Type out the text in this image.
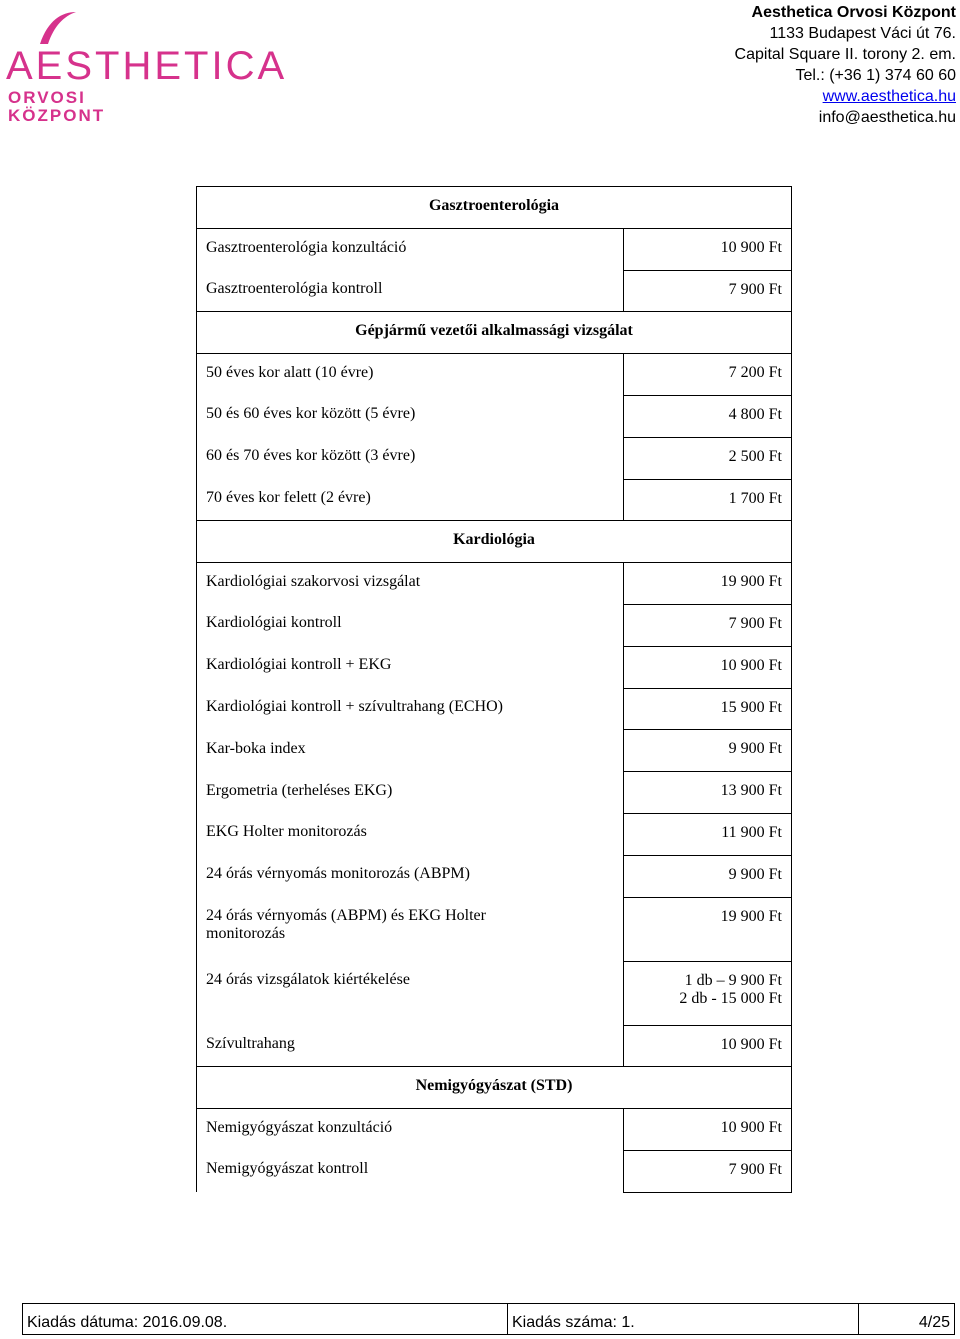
AESTHETICA
ORVOSI
KÖZPONT
Aesthetica Orvosi Központ
1133 Budapest Váci út 76.
Capital Square II. torony 2. em.
Tel.: (+36 1) 374 60 60
www.aesthetica.hu
info@aesthetica.hu
Gasztroenterológia	

Gasztroenterológia konzultáció	10 900 Ft

Gasztroenterológia kontroll	7 900 Ft

Gépjármű vezetői alkalmassági vizsgálat	

50 éves kor alatt (10 évre)	7 200 Ft

50 és 60 éves kor között (5 évre)	4 800 Ft

60 és 70 éves kor között (3 évre)	2 500 Ft

70 éves kor felett (2 évre)	1 700 Ft

Kardiológia	

Kardiológiai szakorvosi vizsgálat	19 900 Ft

Kardiológiai kontroll	7 900 Ft

Kardiológiai kontroll + EKG	10 900 Ft

Kardiológiai kontroll + szívultrahang (ECHO)	15 900 Ft

Kar-boka index	9 900 Ft

Ergometria (terheléses EKG)	13 900 Ft

EKG Holter monitorozás	11 900 Ft

24 órás vérnyomás monitorozás (ABPM)	9 900 Ft

24 órás vérnyomás (ABPM) és EKG Holter
monitorozás	19 900 Ft

24 órás vizsgálatok kiértékelése	1 db – 9 900 Ft
2 db - 15 000 Ft

Szívultrahang	10 900 Ft

Nemigyógyászat (STD)	

Nemigyógyászat konzultáció	10 900 Ft

Nemigyógyászat kontroll	7 900 Ft
Kiadás dátuma: 2016.09.08.	Kiadás száma: 1.	4/25
